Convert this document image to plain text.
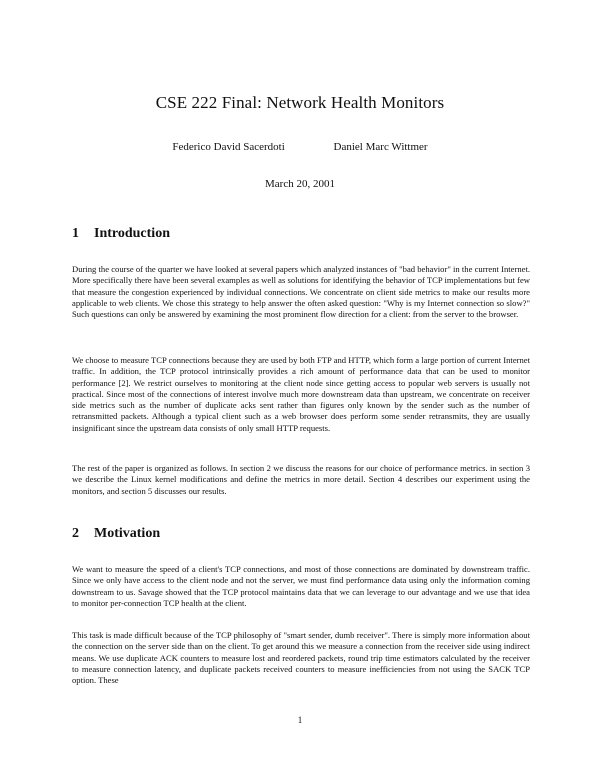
CSE 222 Final: Network Health Monitors
Federico David Sacerdoti	Daniel Marc Wittmer
March 20, 2001
1 Introduction

During the course of the quarter we have looked at several papers which analyzed instances of "bad behavior" in the current Internet. More specifically there have been several examples as well as solutions for identifying the behavior of TCP implementations but few that measure the congestion experienced by individual connections. We concentrate on client side metrics to make our results more applicable to web clients. We chose this strategy to help answer the often asked question: "Why is my Internet connection so slow?" Such questions can only be answered by examining the most prominent flow direction for a client: from the server to the browser.

We choose to measure TCP connections because they are used by both FTP and HTTP, which form a large portion of current Internet traffic. In addition, the TCP protocol intrinsically provides a rich amount of performance data that can be used to monitor performance [2]. We restrict ourselves to monitoring at the client node since getting access to popular web servers is usually not practical. Since most of the connections of interest involve much more downstream data than upstream, we concentrate on receiver side metrics such as the number of duplicate acks sent rather than figures only known by the sender such as the number of retransmitted packets. Although a typical client such as a web browser does perform some sender retransmits, they are usually insignificant since the upstream data consists of only small HTTP requests.

The rest of the paper is organized as follows. In section 2 we discuss the reasons for our choice of performance metrics. in section 3 we describe the Linux kernel modifications and define the metrics in more detail. Section 4 describes our experiment using the monitors, and section 5 discusses our results.

2 Motivation

We want to measure the speed of a client's TCP connections, and most of those connections are dominated by downstream traffic. Since we only have access to the client node and not the server, we must find performance data using only the information coming downstream to us. Savage showed that the TCP protocol maintains data that we can leverage to our advantage and we use that idea to monitor per-connection TCP health at the client.

This task is made difficult because of the TCP philosophy of "smart sender, dumb receiver". There is simply more information about the connection on the server side than on the client. To get around this we measure a connection from the receiver side using indirect means. We use duplicate ACK counters to measure lost and reordered packets, round trip time estimators calculated by the receiver to measure connection latency, and duplicate packets received counters to measure inefficiencies from not using the SACK TCP option. These

1
